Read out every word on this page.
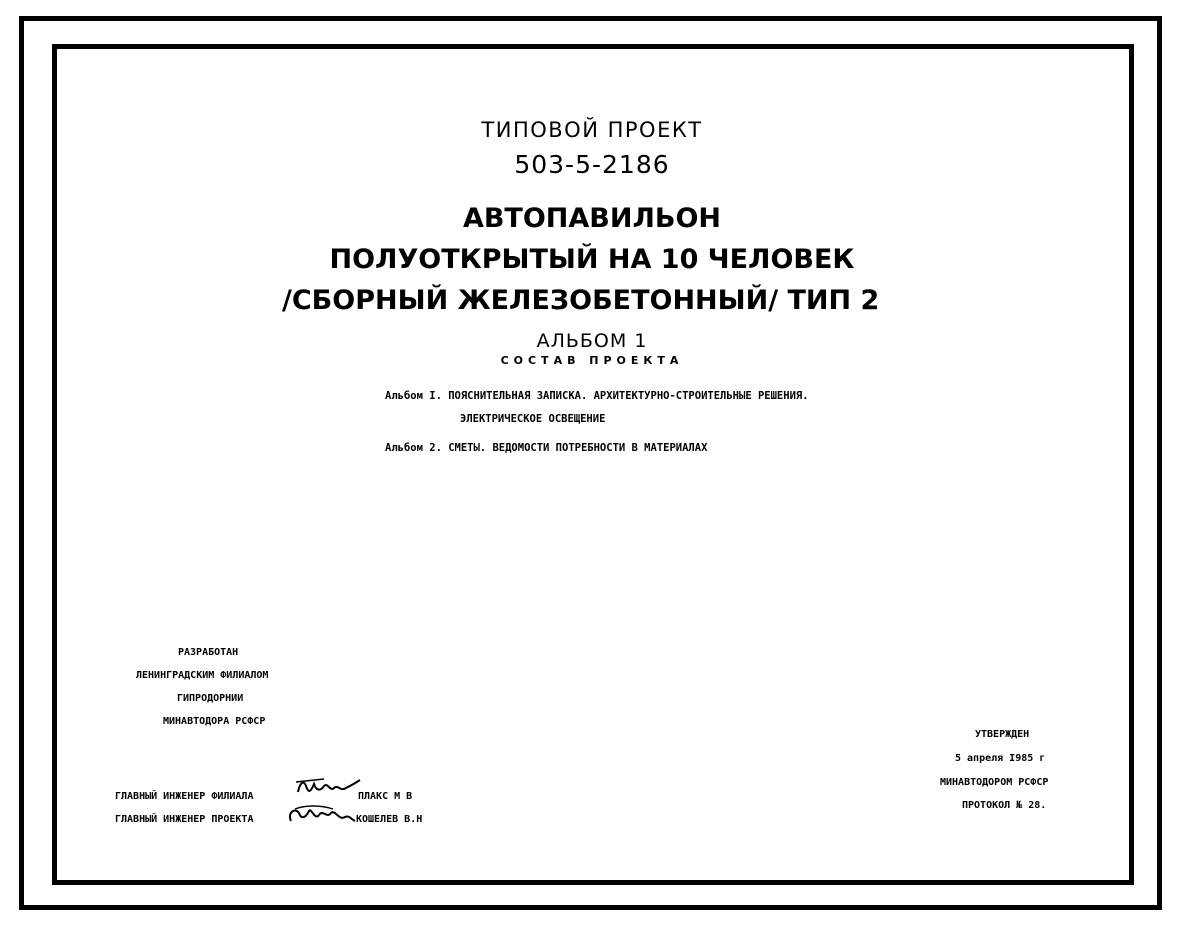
ТИПОВОЙ ПРОЕКТ
503-5-2186
АВТОПАВИЛЬОН
ПОЛУОТКРЫТЫЙ НА 10 ЧЕЛОВЕК
/СБОРНЫЙ ЖЕЛЕЗОБЕТОННЫЙ/ ТИП 2
АЛЬБОМ 1
СОСТАВ ПРОЕКТА
Альбом I. ПОЯСНИТЕЛЬНАЯ ЗАПИСКА. АРХИТЕКТУРНО-СТРОИТЕЛЬНЫЕ РЕШЕНИЯ.
ЭЛЕКТРИЧЕСКОЕ ОСВЕЩЕНИЕ
Альбом 2. СМЕТЫ. ВЕДОМОСТИ ПОТРЕБНОСТИ В МАТЕРИАЛАХ
РАЗРАБОТАН
ЛЕНИНГРАДСКИМ ФИЛИАЛОМ
ГИПРОДОРНИИ
МИНАВТОДОРА РСФСР
УТВЕРЖДЕН
5 апреля I985 г
МИНАВТОДОРОМ РСФСР
ПРОТОКОЛ № 28.
ГЛАВНЫЙ ИНЖЕНЕР ФИЛИАЛА	ПЛАКС М В
ГЛАВНЫЙ ИНЖЕНЕР ПРОЕКТА	КОШЕЛЕВ В.Н
